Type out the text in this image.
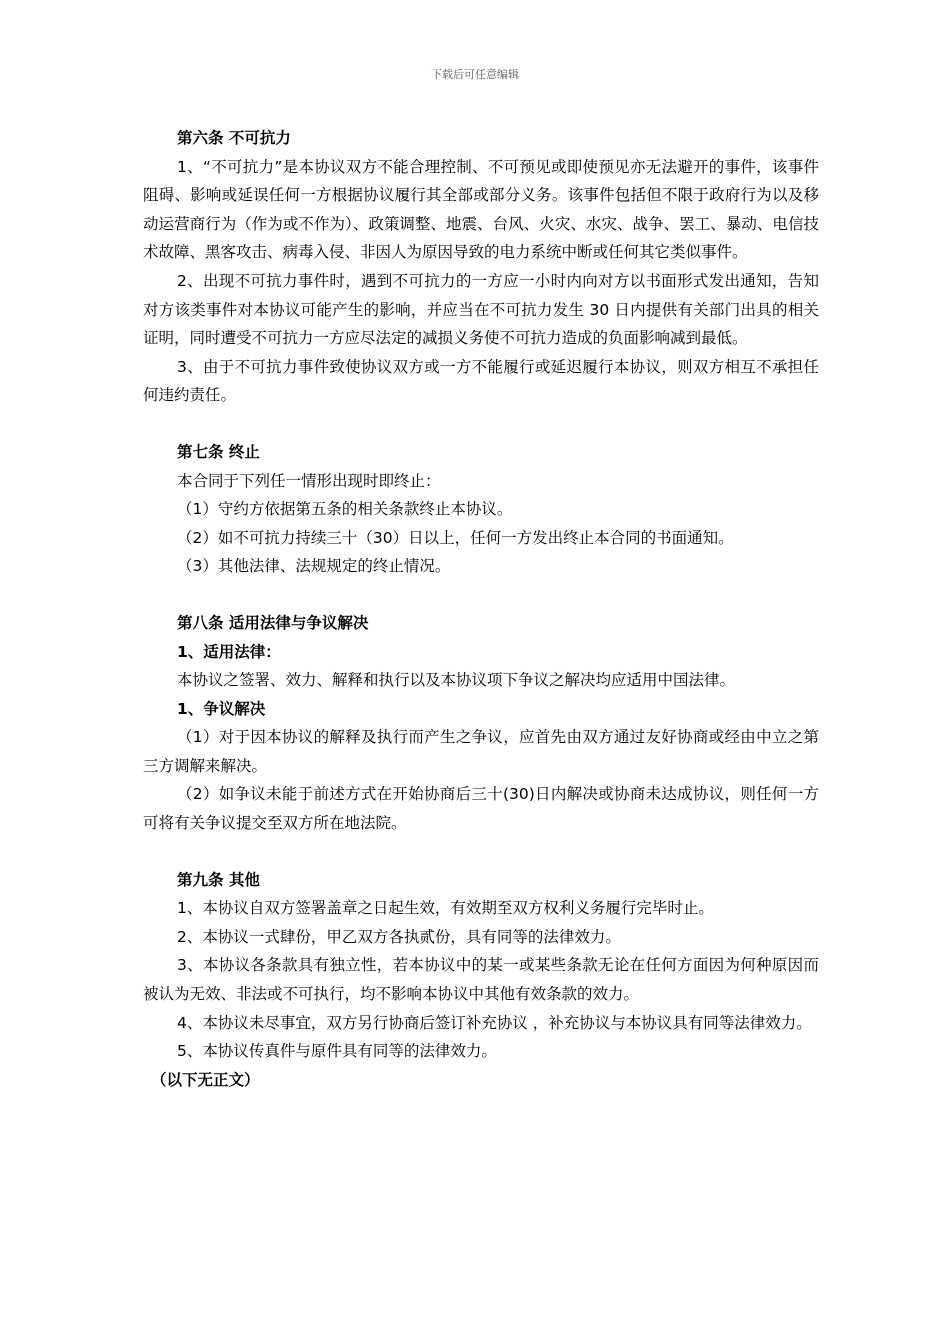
下载后可任意编辑

第六条 不可抗力

1、“不可抗力”是本协议双方不能合理控制、不可预见或即使预见亦无法避开的事件，该事件阻碍、影响或延误任何一方根据协议履行其全部或部分义务。该事件包括但不限于政府行为以及移动运营商行为（作为或不作为）、政策调整、地震、台风、火灾、水灾、战争、罢工、暴动、电信技术故障、黑客攻击、病毒入侵、非因人为原因导致的电力系统中断或任何其它类似事件。

2、出现不可抗力事件时，遇到不可抗力的一方应一小时内向对方以书面形式发出通知，告知对方该类事件对本协议可能产生的影响，并应当在不可抗力发生 30 日内提供有关部门出具的相关证明，同时遭受不可抗力一方应尽法定的减损义务使不可抗力造成的负面影响减到最低。

3、由于不可抗力事件致使协议双方或一方不能履行或延迟履行本协议，则双方相互不承担任何违约责任。

第七条 终止

本合同于下列任一情形出现时即终止：

（1）守约方依据第五条的相关条款终止本协议。

（2）如不可抗力持续三十（30）日以上，任何一方发出终止本合同的书面通知。

（3）其他法律、法规规定的终止情况。

第八条 适用法律与争议解决

1、适用法律：

本协议之签署、效力、解释和执行以及本协议项下争议之解决均应适用中国法律。

1、争议解决

（1）对于因本协议的解释及执行而产生之争议，应首先由双方通过友好协商或经由中立之第三方调解来解决。

（2）如争议未能于前述方式在开始协商后三十(30)日内解决或协商未达成协议，则任何一方可将有关争议提交至双方所在地法院。

第九条 其他

1、本协议自双方签署盖章之日起生效，有效期至双方权利义务履行完毕时止。

2、本协议一式肆份，甲乙双方各执贰份，具有同等的法律效力。

3、本协议各条款具有独立性，若本协议中的某一或某些条款无论在任何方面因为何种原因而被认为无效、非法或不可执行，均不影响本协议中其他有效条款的效力。

4、本协议未尽事宜，双方另行协商后签订补充协议 ，补充协议与本协议具有同等法律效力。

5、本协议传真件与原件具有同等的法律效力。

（以下无正文）
